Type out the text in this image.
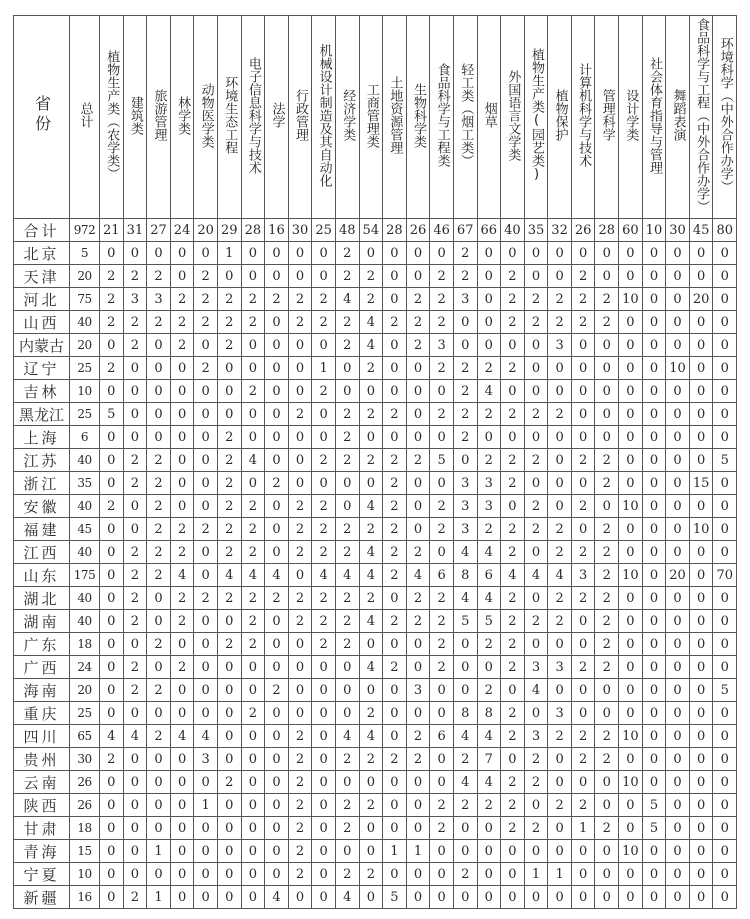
省份	总计	植物生产类（农学类）	建筑类	旅游管理	林学类	动物医学类	环境生态工程	电子信息科学与技术	法学	行政管理	机械设计制造及其自动化	经济学类	工商管理类	土地资源管理	生物科学类	食品科学与工程类	轻工类（烟工类）	烟草	外国语言文学类	植物生产类(园艺类)	植物保护	计算机科学与技术	管理科学	设计学类	社会体育指导与管理	舞蹈表演	食品科学与工程（中外合作办学）	环境科学（中外合作办学）
合计	972	21	31	27	24	20	29	28	16	30	25	48	54	28	26	46	67	66	40	35	32	26	28	60	10	30	45	80
北京	5	0	0	0	0	0	1	0	0	0	0	2	0	0	0	0	2	0	0	0	0	0	0	0	0	0	0	0
天津	20	2	2	2	0	2	0	0	0	0	0	2	2	0	0	2	2	0	2	0	0	2	0	0	0	0	0	0
河北	75	2	3	3	2	2	2	2	2	2	2	4	2	0	2	2	3	0	2	2	2	2	2	10	0	0	20	0
山西	40	2	2	2	2	2	2	2	0	2	2	2	4	2	2	2	0	0	2	2	2	2	2	0	0	0	0	0
内蒙古	20	0	2	0	2	0	2	0	0	0	0	2	4	0	2	3	0	0	0	0	3	0	0	0	0	0	0	0
辽宁	25	2	0	0	0	2	0	0	0	0	1	0	2	0	0	2	2	2	2	0	0	0	0	0	0	10	0	0
吉林	10	0	0	0	0	0	0	2	0	0	2	0	0	0	0	0	2	4	0	0	0	0	0	0	0	0	0	0
黑龙江	25	5	0	0	0	0	0	0	0	2	0	2	2	2	0	2	2	2	2	2	2	0	0	0	0	0	0	0
上海	6	0	0	0	0	0	2	0	0	0	0	2	0	0	0	0	2	0	0	0	0	0	0	0	0	0	0	0
江苏	40	0	2	2	0	0	2	4	0	0	2	2	2	2	2	5	0	2	2	2	0	2	2	0	0	0	0	5
浙江	35	0	2	2	0	0	2	0	2	0	0	0	0	2	0	0	3	3	2	0	0	0	2	0	0	0	15	0
安徽	40	2	0	2	0	0	2	2	0	2	2	0	4	2	0	2	3	3	0	2	0	2	0	10	0	0	0	0
福建	45	0	0	2	2	2	2	2	0	2	2	2	2	2	0	2	3	2	2	2	2	0	2	0	0	0	10	0
江西	40	0	2	2	2	0	2	2	0	2	2	2	4	2	2	0	4	4	2	0	2	2	2	0	0	0	0	0
山东	175	0	2	2	4	0	4	4	4	0	4	4	4	2	4	6	8	6	4	4	4	3	2	10	0	20	0	70
湖北	40	0	2	0	2	2	2	2	2	2	2	2	2	0	2	2	4	4	2	0	2	2	2	0	0	0	0	0
湖南	40	0	2	0	2	0	0	2	0	2	2	2	4	2	2	2	5	5	2	2	2	0	2	0	0	0	0	0
广东	18	0	0	2	0	0	2	2	0	0	2	2	0	0	0	2	0	2	2	0	0	0	2	0	0	0	0	0
广西	24	0	2	0	2	0	0	0	0	0	0	0	4	2	0	2	0	0	2	3	3	2	2	0	0	0	0	0
海南	20	0	2	2	0	0	0	0	2	0	0	0	0	0	3	0	0	2	0	4	0	0	0	0	0	0	0	5
重庆	25	0	0	0	0	0	0	2	0	0	0	0	2	0	0	0	8	8	2	0	3	0	0	0	0	0	0	0
四川	65	4	4	2	4	4	0	0	0	2	0	4	4	0	2	6	4	4	2	3	2	2	2	10	0	0	0	0
贵州	30	2	0	0	0	3	0	0	0	2	0	2	2	2	2	0	2	7	0	2	0	2	2	0	0	0	0	0
云南	26	0	0	0	0	0	2	0	0	2	0	0	0	0	0	0	4	4	2	2	0	0	0	10	0	0	0	0
陕西	26	0	0	0	0	1	0	0	0	2	0	2	2	0	0	2	2	2	2	0	2	2	0	0	5	0	0	0
甘肃	18	0	0	0	0	0	0	0	0	2	0	2	0	0	0	2	0	0	2	2	0	1	2	0	5	0	0	0
青海	15	0	0	1	0	0	0	0	0	2	0	0	0	1	1	0	0	0	0	0	0	0	0	10	0	0	0	0
宁夏	10	0	0	0	0	0	0	0	0	2	0	2	2	0	0	0	2	0	0	1	1	0	0	0	0	0	0	0
新疆	16	0	2	1	0	0	0	0	4	0	0	4	0	5	0	0	0	0	0	0	0	0	0	0	0	0	0	0
